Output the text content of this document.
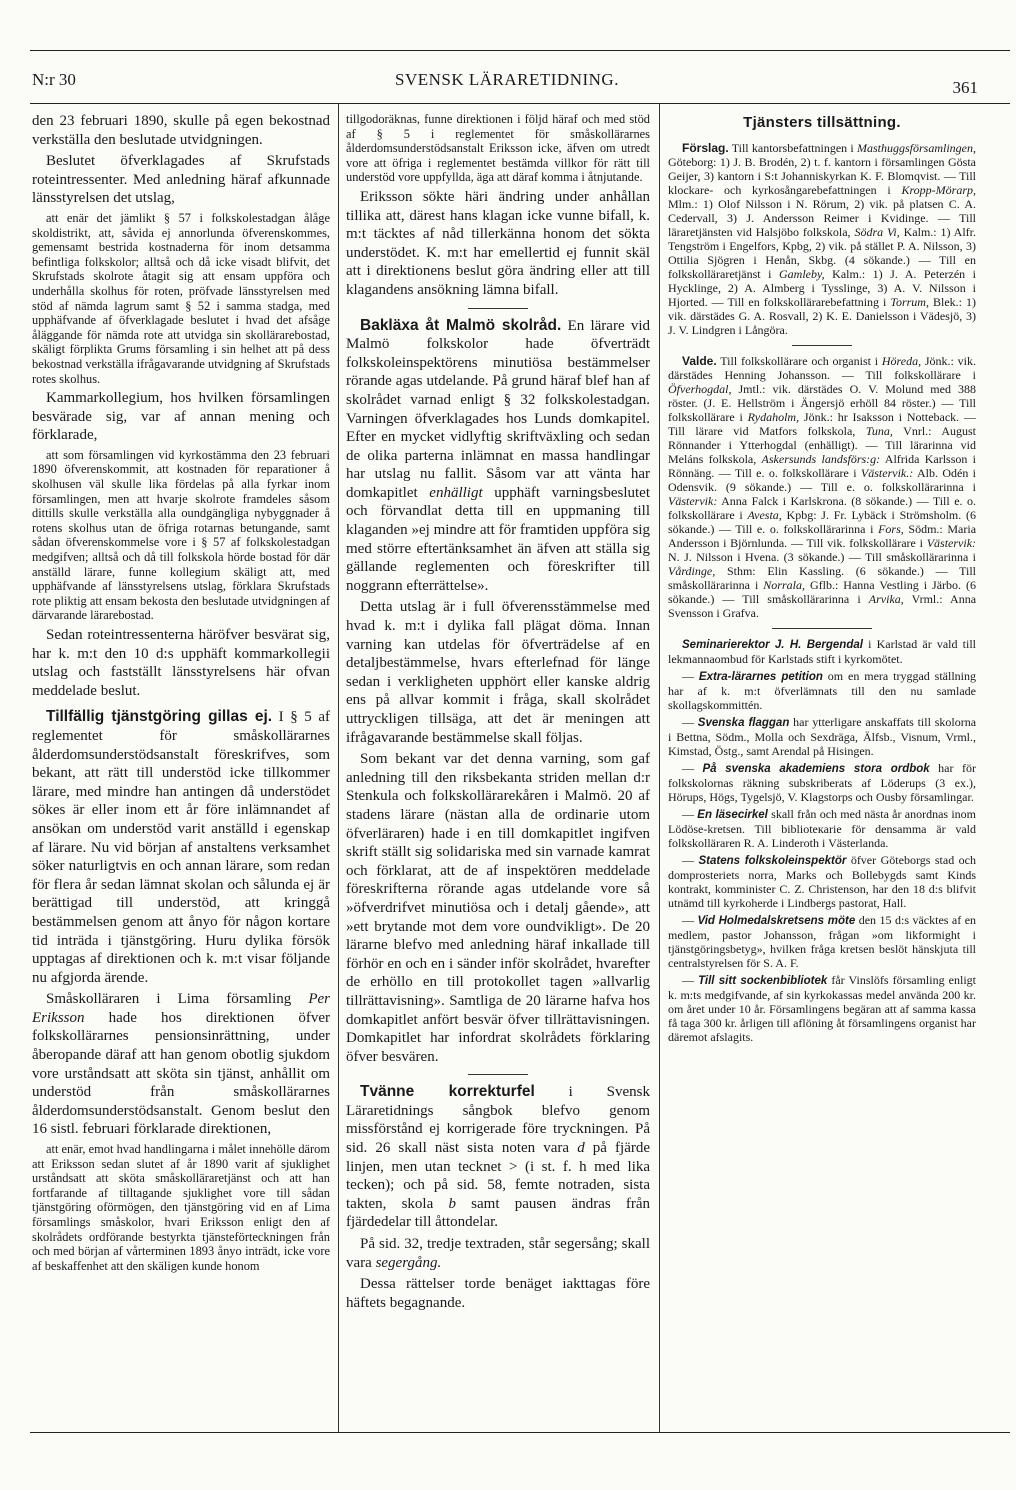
N:r 30	SVENSK LÄRARETIDNING.	361

den 23 februari 1890, skulle på egen bekostnad verkställa den beslutade utvidgningen.

Beslutet öfverklagades af Skrufstads roteintressenter. Med anledning häraf afkunnade länsstyrelsen det utslag,

att enär det jämlikt § 57 i folkskolestadgan ålåge skoldistrikt, att, såvida ej annorlunda öfverenskommes, gemensamt bestrida kostnaderna för inom detsamma befintliga folkskolor; alltså och då icke visadt blifvit, det Skrufstads skolrote åtagit sig att ensam uppföra och underhålla skolhus för roten, pröfvade länsstyrelsen med stöd af nämda lagrum samt § 52 i samma stadga, med upphäfvande af öfverklagade beslutet i hvad det afsåge åläggande för nämda rote att utvidga sin skollärarebostad, skäligt förplikta Grums församling i sin helhet att på dess bekostnad verkställa ifrågavarande utvidgning af Skrufstads rotes skolhus.

Kammarkollegium, hos hvilken församlingen besvärade sig, var af annan mening och förklarade,

att som församlingen vid kyrkostämma den 23 februari 1890 öfverenskommit, att kostnaden för reparationer å skolhusen väl skulle lika fördelas på alla fyrkar inom församlingen, men att hvarje skolrote framdeles såsom dittills skulle verkställa alla oundgängliga nybyggnader å rotens skolhus utan de öfriga rotarnas betungande, samt sådan öfverenskommelse vore i § 57 af folkskolestadgan medgifven; alltså och då till folkskola hörde bostad för där anställd lärare, funne kollegium skäligt att, med upphäfvande af länsstyrelsens utslag, förklara Skrufstads rote pliktig att ensam bekosta den beslutade utvidgningen af därvarande lärarebostad.

Sedan roteintressenterna häröfver besvärat sig, har k. m:t den 10 d:s upphäft kommarkollegii utslag och fastställt länsstyrelsens här ofvan meddelade beslut.

Tillfällig tjänstgöring gillas ej. I § 5 af reglementet för småskollärarnes ålderdomsunderstödsanstalt föreskrifves, som bekant, att rätt till understöd icke tillkommer lärare, med mindre han antingen då understödet sökes är eller inom ett år före inlämnandet af ansökan om understöd varit anställd i egenskap af lärare. Nu vid början af anstaltens verksamhet söker naturligtvis en och annan lärare, som redan för flera år sedan lämnat skolan och sålunda ej är berättigad till understöd, att kringgå bestämmelsen genom att ånyo för någon kortare tid inträda i tjänstgöring. Huru dylika försök upptagas af direktionen och k. m:t visar följande nu afgjorda ärende.

Småskolläraren i Lima församling Per Eriksson hade hos direktionen öfver folkskollärarnes pensionsinrättning, under åberopande däraf att han genom obotlig sjukdom vore urståndsatt att sköta sin tjänst, anhållit om understöd från småskollärarnes ålderdomsunderstödsanstalt. Genom beslut den 16 sistl. februari förklarade direktionen,

att enär, emot hvad handlingarna i målet innehölle därom att Eriksson sedan slutet af år 1890 varit af sjuklighet urståndsatt att sköta småskolläraretjänst och att han fortfarande af tilltagande sjuklighet vore till sådan tjänstgöring oförmögen, den tjänstgöring vid en af Lima församlings småskolor, hvari Eriksson enligt den af skolrådets ordförande bestyrkta tjänsteförteckningen från och med början af vårterminen 1893 ånyo inträdt, icke vore af beskaffenhet att den skäligen kunde honom

tillgodoräknas, funne direktionen i följd häraf och med stöd af § 5 i reglementet för småskollärarnes ålderdomsunderstödsanstalt Eriksson icke, äfven om utredt vore att öfriga i reglementet bestämda villkor för rätt till understöd vore uppfyllda, äga att däraf komma i åtnjutande.

Eriksson sökte häri ändring under anhållan tillika att, därest hans klagan icke vunne bifall, k. m:t täcktes af nåd tillerkänna honom det sökta understödet. K. m:t har emellertid ej funnit skäl att i direktionens beslut göra ändring eller att till klagandens ansökning lämna bifall.

Bakläxa åt Malmö skolråd. En lärare vid Malmö folkskolor hade öfverträdt folkskoleinspektörens minutiösa bestämmelser rörande agas utdelande. På grund häraf blef han af skolrådet varnad enligt § 32 folkskolestadgan. Varningen öfverklagades hos Lunds domkapitel. Efter en mycket vidlyftig skriftväxling och sedan de olika parterna inlämnat en massa handlingar har utslag nu fallit. Såsom var att vänta har domkapitlet enhälligt upphäft varningsbeslutet och förvandlat detta till en uppmaning till klaganden »ej mindre att för framtiden uppföra sig med större eftertänksamhet än äfven att ställa sig gällande reglementen och föreskrifter till noggrann efterrättelse».

Detta utslag är i full öfverensstämmelse med hvad k. m:t i dylika fall plägat döma. Innan varning kan utdelas för öfverträdelse af en detaljbestämmelse, hvars efterlefnad för länge sedan i verkligheten upphört eller kanske aldrig ens på allvar kommit i fråga, skall skolrådet uttryckligen tillsäga, att det är meningen att ifrågavarande bestämmelse skall följas.

Som bekant var det denna varning, som gaf anledning till den riksbekanta striden mellan d:r Stenkula och folkskollärarekåren i Malmö. 20 af stadens lärare (nästan alla de ordinarie utom öfverläraren) hade i en till domkapitlet ingifven skrift ställt sig solidariska med sin varnade kamrat och förklarat, att de af inspektören meddelade föreskrifterna rörande agas utdelande vore så »öfverdrifvet minutiösa och i detalj gående», att »ett brytande mot dem vore oundvikligt». De 20 lärarne blefvo med anledning häraf inkallade till förhör en och en i sänder inför skolrådet, hvarefter de erhöllo en till protokollet tagen »allvarlig tillrättavisning». Samtliga de 20 lärarne hafva hos domkapitlet anfört besvär öfver tillrättavisningen. Domkapitlet har infordrat skolrådets förklaring öfver besvären.

Tvänne korrekturfel i Svensk Läraretidnings sångbok blefvo genom missförstånd ej korrigerade före tryckningen. På sid. 26 skall näst sista noten vara d på fjärde linjen, men utan tecknet > (i st. f. h med lika tecken); och på sid. 58, femte notraden, sista takten, skola b samt pausen ändras från fjärdedelar till åttondelar.

På sid. 32, tredje textraden, står segersång; skall vara segergång.

Dessa rättelser torde benäget iakttagas före häftets begagnande.

Tjänsters tillsättning.

Förslag. Till kantorsbefattningen i Masthuggsförsamlingen, Göteborg: 1) J. B. Brodén, 2) t. f. kantorn i församlingen Gösta Geijer, 3) kantorn i S:t Johanniskyrkan K. F. Blomqvist. — Till klockare- och kyrkosångarebefattningen i Kropp-Mörarp, Mlm.: 1) Olof Nilsson i N. Rörum, 2) vik. på platsen C. A. Cedervall, 3) J. Andersson Reimer i Kvidinge. — Till läraretjänsten vid Halsjöbo folkskola, Södra Vi, Kalm.: 1) Alfr. Tengström i Engelfors, Kpbg, 2) vik. på stället P. A. Nilsson, 3) Ottilia Sjögren i Henån, Skbg. (4 sökande.) — Till en folkskolläraretjänst i Gamleby, Kalm.: 1) J. A. Peterzén i Hycklinge, 2) A. Almberg i Tysslinge, 3) A. V. Nilsson i Hjorted. — Till en folkskollärarebefattning i Torrum, Blek.: 1) vik. därstädes G. A. Rosvall, 2) K. E. Danielsson i Vädesjö, 3) J. V. Lindgren i Långöra.

Valde. Till folkskollärare och organist i Höreda, Jönk.: vik. därstädes Henning Johansson. — Till folkskollärare i Öfverhogdal, Jmtl.: vik. därstädes O. V. Molund med 388 röster. (J. E. Hellström i Ängersjö erhöll 84 röster.) — Till folkskollärare i Rydaholm, Jönk.: hr Isaksson i Notteback. — Till lärare vid Matfors folkskola, Tuna, Vnrl.: August Rönnander i Ytterhogdal (enhälligt). — Till lärarinna vid Meláns folkskola, Askersunds landsförs:g: Alfrida Karlsson i Rönnäng. — Till e. o. folkskollärare i Västervik.: Alb. Odén i Odensvik. (9 sökande.) — Till e. o. folkskollärarinna i Västervik: Anna Falck i Karlskrona. (8 sökande.) — Till e. o. folkskollärare i Avesta, Kpbg: J. Fr. Lybäck i Strömsholm. (6 sökande.) — Till e. o. folkskollärarinna i Fors, Södm.: Maria Andersson i Björnlunda. — Till vik. folkskollärare i Västervik: N. J. Nilsson i Hvena. (3 sökande.) — Till småskollärarinna i Vårdinge, Sthm: Elin Kassling. (6 sökande.) — Till småskollärarinna i Norrala, Gflb.: Hanna Vestling i Järbo. (6 sökande.) — Till småskollärarinna i Arvika, Vrml.: Anna Svensson i Grafva.

Seminarierektor J. H. Bergendal i Karlstad är vald till lekmannaombud för Karlstads stift i kyrkomötet.

— Extra-lärarnes petition om en mera tryggad ställning har af k. m:t öfverlämnats till den nu samlade skollagskommittén.

— Svenska flaggan har ytterligare anskaffats till skolorna i Bettna, Södm., Molla och Sexdräga, Älfsb., Visnum, Vrml., Kimstad, Östg., samt Arendal på Hisingen.

— På svenska akademiens stora ordbok har för folkskolornas räkning subskriberats af Löderups (3 ex.), Hörups, Högs, Tygelsjö, V. Klagstorps och Ousby församlingar.

— En läsecirkel skall från och med nästa år anordnas inom Lödöse-kretsen. Till biblioteкarie för densamma är vald folkskolläraren R. A. Linderoth i Västerlanda.

— Statens folkskoleinspektör öfver Göteborgs stad och domprosteriets norra, Marks och Bollebygds samt Kinds kontrakt, komminister C. Z. Christenson, har den 18 d:s blifvit utnämd till kyrkoherde i Lindbergs pastorat, Hall.

— Vid Holmedalskretsens möte den 15 d:s väcktes af en medlem, pastor Johansson, frågan »om likformight i tjänstgöringsbetyg», hvilken fråga kretsen beslöt hänskjuta till centralstyrelsen för S. A. F.

— Till sitt sockenbibliotek får Vinslöfs församling enligt k. m:ts medgifvande, af sin kyrkokassas medel använda 200 kr. om året under 10 år. Församlingens begäran att af samma kassa få taga 300 kr. årligen till aflöning åt församlingens organist har däremot afslagits.
